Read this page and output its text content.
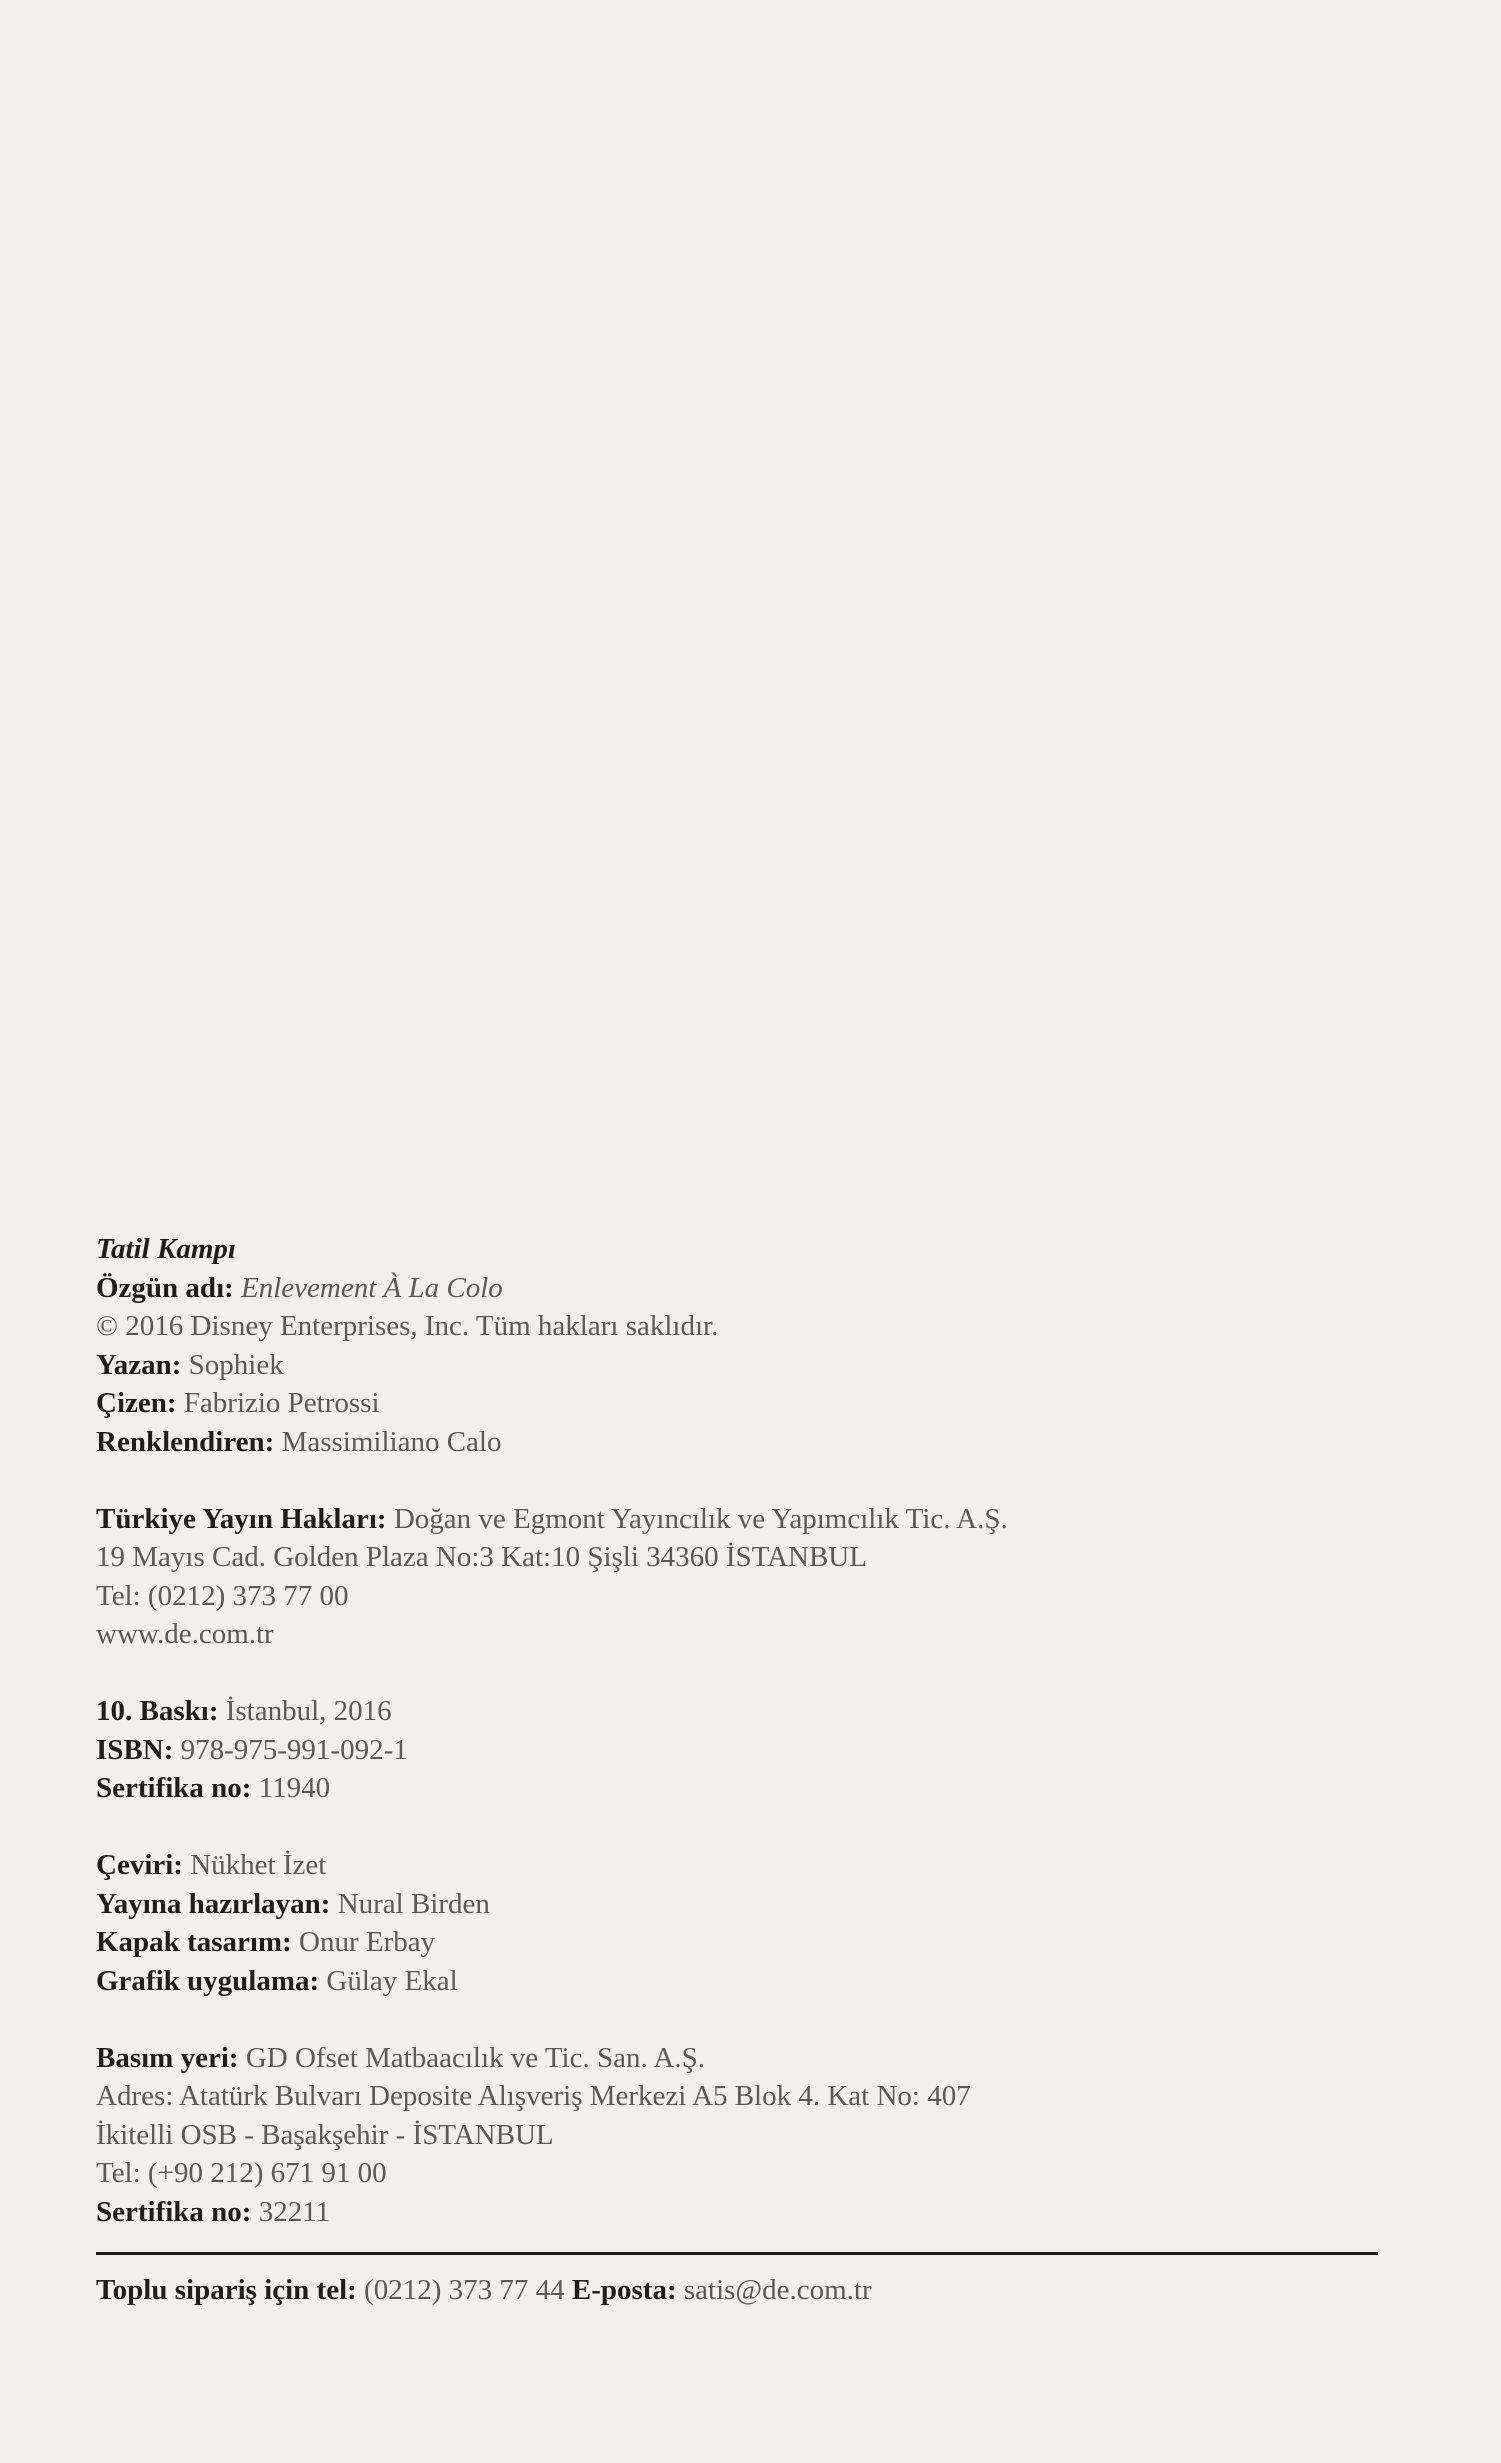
Tatil Kampı
Özgün adı: Enlevement À La Colo
© 2016 Disney Enterprises, Inc. Tüm hakları saklıdır.
Yazan: Sophiek
Çizen: Fabrizio Petrossi
Renklendiren: Massimiliano Calo
Türkiye Yayın Hakları: Doğan ve Egmont Yayıncılık ve Yapımcılık Tic. A.Ş.
19 Mayıs Cad. Golden Plaza No:3 Kat:10 Şişli 34360 İSTANBUL
Tel: (0212) 373 77 00
www.de.com.tr
10. Baskı: İstanbul, 2016
ISBN: 978-975-991-092-1
Sertifika no: 11940
Çeviri: Nükhet İzet
Yayına hazırlayan: Nural Birden
Kapak tasarım: Onur Erbay
Grafik uygulama: Gülay Ekal
Basım yeri: GD Ofset Matbaacılık ve Tic. San. A.Ş.
Adres: Atatürk Bulvarı Deposite Alışveriş Merkezi A5 Blok 4. Kat No: 407
İkitelli OSB - Başakşehir - İSTANBUL
Tel: (+90 212) 671 91 00
Sertifika no: 32211
Toplu sipariş için tel: (0212) 373 77 44 E-posta: satis@de.com.tr
